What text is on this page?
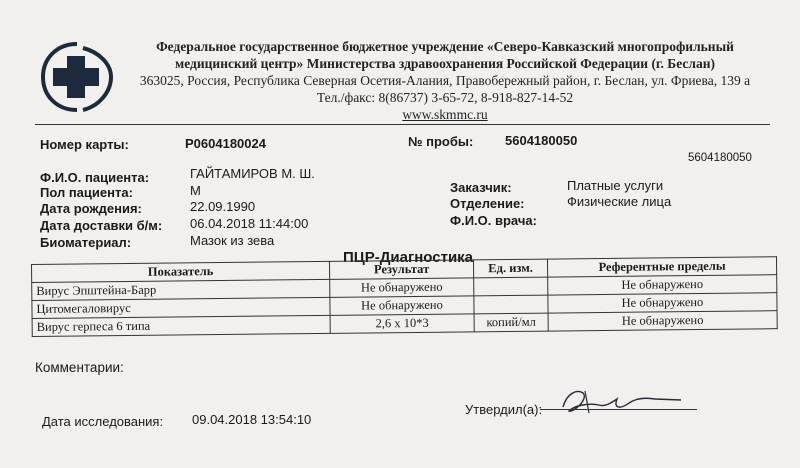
Федеральное государственное бюджетное учреждение «Северо-Кавказский многопрофильный
медицинский центр» Министерства здравоохранения Российской Федерации (г. Беслан)
363025, Россия, Республика Северная Осетия-Алания, Правобережный район, г. Беслан, ул. Фриева, 139 а
Тел./факс: 8(86737) 3-65-72, 8-918-827-14-52
www.skmmc.ru
Номер карты:	P0604180024	№ пробы: 5604180050
5604180050
Ф.И.О. пациента:	ГАЙТАМИРОВ М. Ш.
Пол пациента:	М
Дата рождения:	22.09.1990
Дата доставки б/м: 06.04.2018 11:44:00
Биоматериал:	Мазок из зева
Заказчик:	Платные услуги
Отделение:	Физические лица
Ф.И.О. врача:
ПЦР-Диагностика
Показатель	Результат	Ед. изм.	Референтные пределы
Вирус Эпштейна-Барр	Не обнаружено		Не обнаружено
Цитомегаловирус	Не обнаружено		Не обнаружено
Вирус герпеса 6 типа	2,6 х 10*3	копий/мл	Не обнаружено
Комментарии:
Дата исследования: 09.04.2018 13:54:10
Утвердил(а):
